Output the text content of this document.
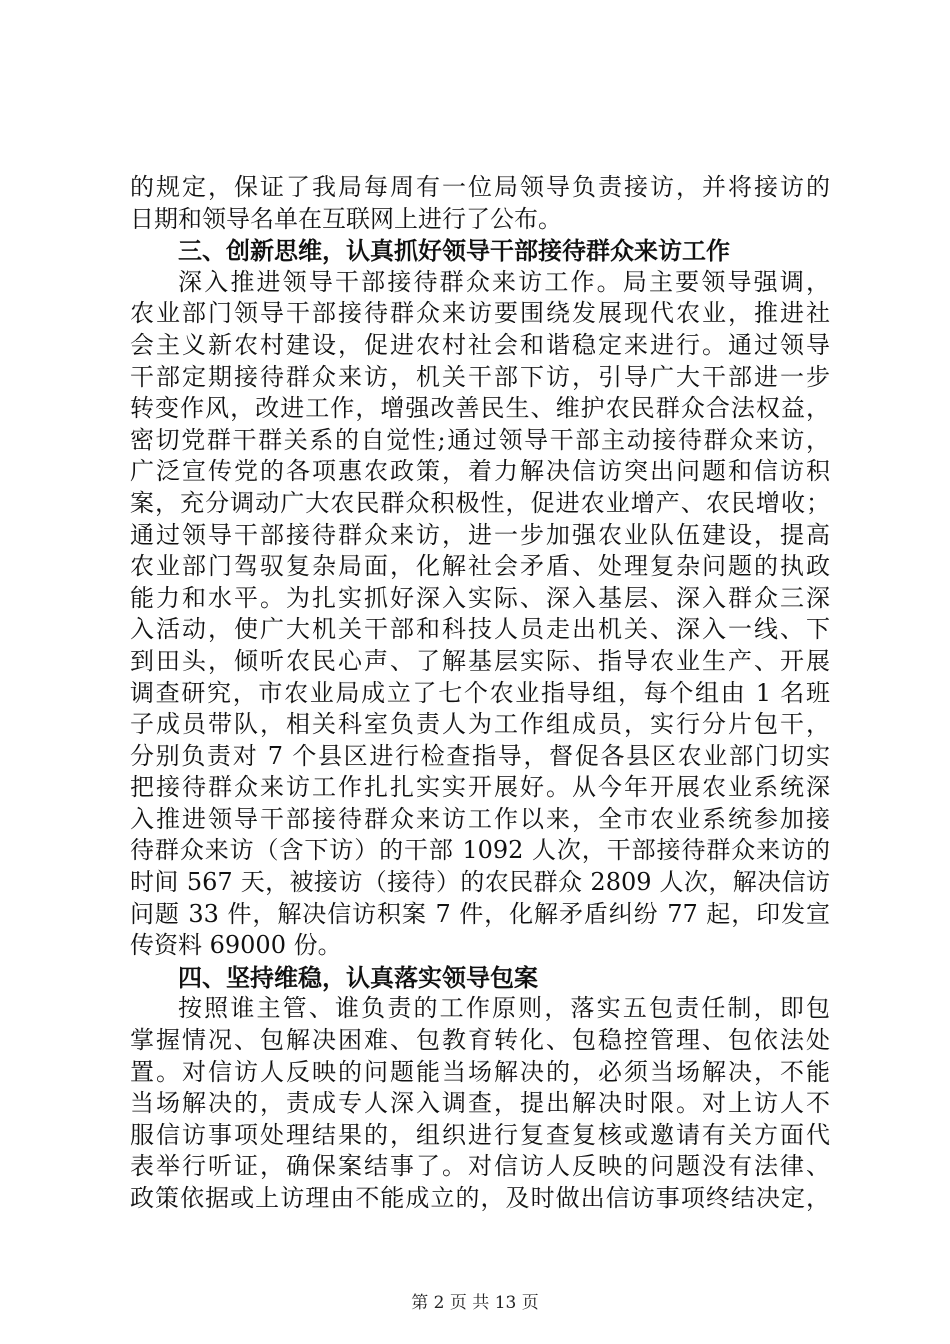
的规定，保证了我局每周有一位局领导负责接访，并将接访的
日期和领导名单在互联网上进行了公布。
三、创新思维，认真抓好领导干部接待群众来访工作
深入推进领导干部接待群众来访工作。局主要领导强调，
农业部门领导干部接待群众来访要围绕发展现代农业，推进社
会主义新农村建设，促进农村社会和谐稳定来进行。通过领导
干部定期接待群众来访，机关干部下访，引导广大干部进一步
转变作风，改进工作，增强改善民生、维护农民群众合法权益，
密切党群干群关系的自觉性;通过领导干部主动接待群众来访，
广泛宣传党的各项惠农政策，着力解决信访突出问题和信访积
案，充分调动广大农民群众积极性，促进农业增产、农民增收；
通过领导干部接待群众来访，进一步加强农业队伍建设，提高
农业部门驾驭复杂局面，化解社会矛盾、处理复杂问题的执政
能力和水平。为扎实抓好深入实际、深入基层、深入群众三深
入活动，使广大机关干部和科技人员走出机关、深入一线、下
到田头，倾听农民心声、了解基层实际、指导农业生产、开展
调查研究，市农业局成立了七个农业指导组，每个组由 1 名班
子成员带队，相关科室负责人为工作组成员，实行分片包干，
分别负责对 7 个县区进行检查指导，督促各县区农业部门切实
把接待群众来访工作扎扎实实开展好。从今年开展农业系统深
入推进领导干部接待群众来访工作以来，全市农业系统参加接
待群众来访（含下访）的干部 1092 人次，干部接待群众来访的
时间 567 天，被接访（接待）的农民群众 2809 人次，解决信访
问题 33 件，解决信访积案 7 件，化解矛盾纠纷 77 起，印发宣
传资料 69000 份。
四、坚持维稳，认真落实领导包案
按照谁主管、谁负责的工作原则，落实五包责任制，即包
掌握情况、包解决困难、包教育转化、包稳控管理、包依法处
置。对信访人反映的问题能当场解决的，必须当场解决，不能
当场解决的，责成专人深入调查，提出解决时限。对上访人不
服信访事项处理结果的，组织进行复查复核或邀请有关方面代
表举行听证，确保案结事了。对信访人反映的问题没有法律、
政策依据或上访理由不能成立的，及时做出信访事项终结决定，
第 2 页 共 13 页
